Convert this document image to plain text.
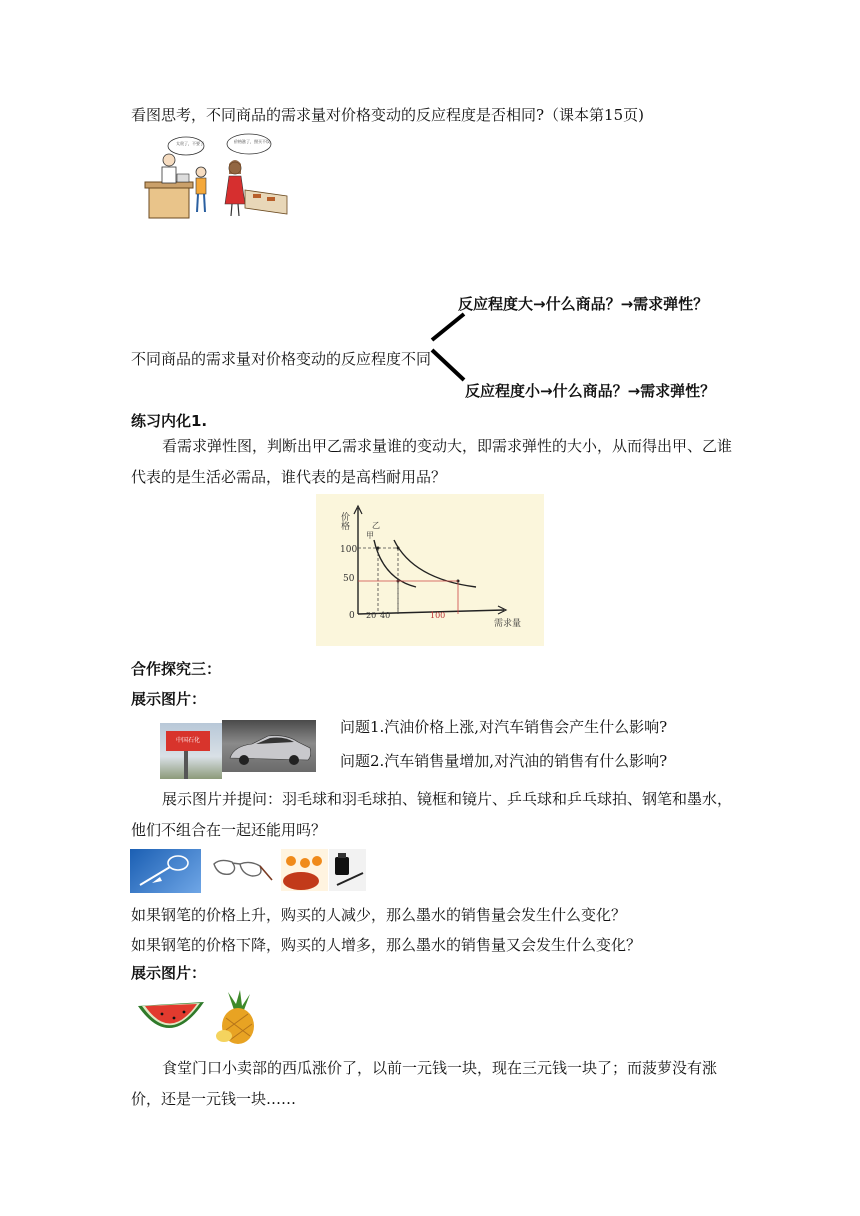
看图思考，不同商品的需求量对价格变动的反应程度是否相同?（课本第15页)
太贵了，不要了	价格涨了，照买不误
反应程度大→什么商品？→需求弹性？
不同商品的需求量对价格变动的反应程度不同
反应程度小→什么商品？→需求弹性？
练习内化1.
看需求弹性图，判断出甲乙需求量谁的变动大，即需求弹性的大小，从而得出甲、乙谁代表的是生活必需品，谁代表的是高档耐用品？
价格
需求量
0
100
50
20 40	100
甲
乙
合作探究三：
展示图片：
中国石化
问题1.汽油价格上涨,对汽车销售会产生什么影响?
问题2.汽车销售量增加,对汽油的销售有什么影响?
展示图片并提问：羽毛球和羽毛球拍、镜框和镜片、乒乓球和乒乓球拍、钢笔和墨水，他们不组合在一起还能用吗？
如果钢笔的价格上升，购买的人减少，那么墨水的销售量会发生什么变化？
如果钢笔的价格下降，购买的人增多，那么墨水的销售量又会发生什么变化？
展示图片：
食堂门口小卖部的西瓜涨价了，以前一元钱一块，现在三元钱一块了；而菠萝没有涨价，还是一元钱一块……
